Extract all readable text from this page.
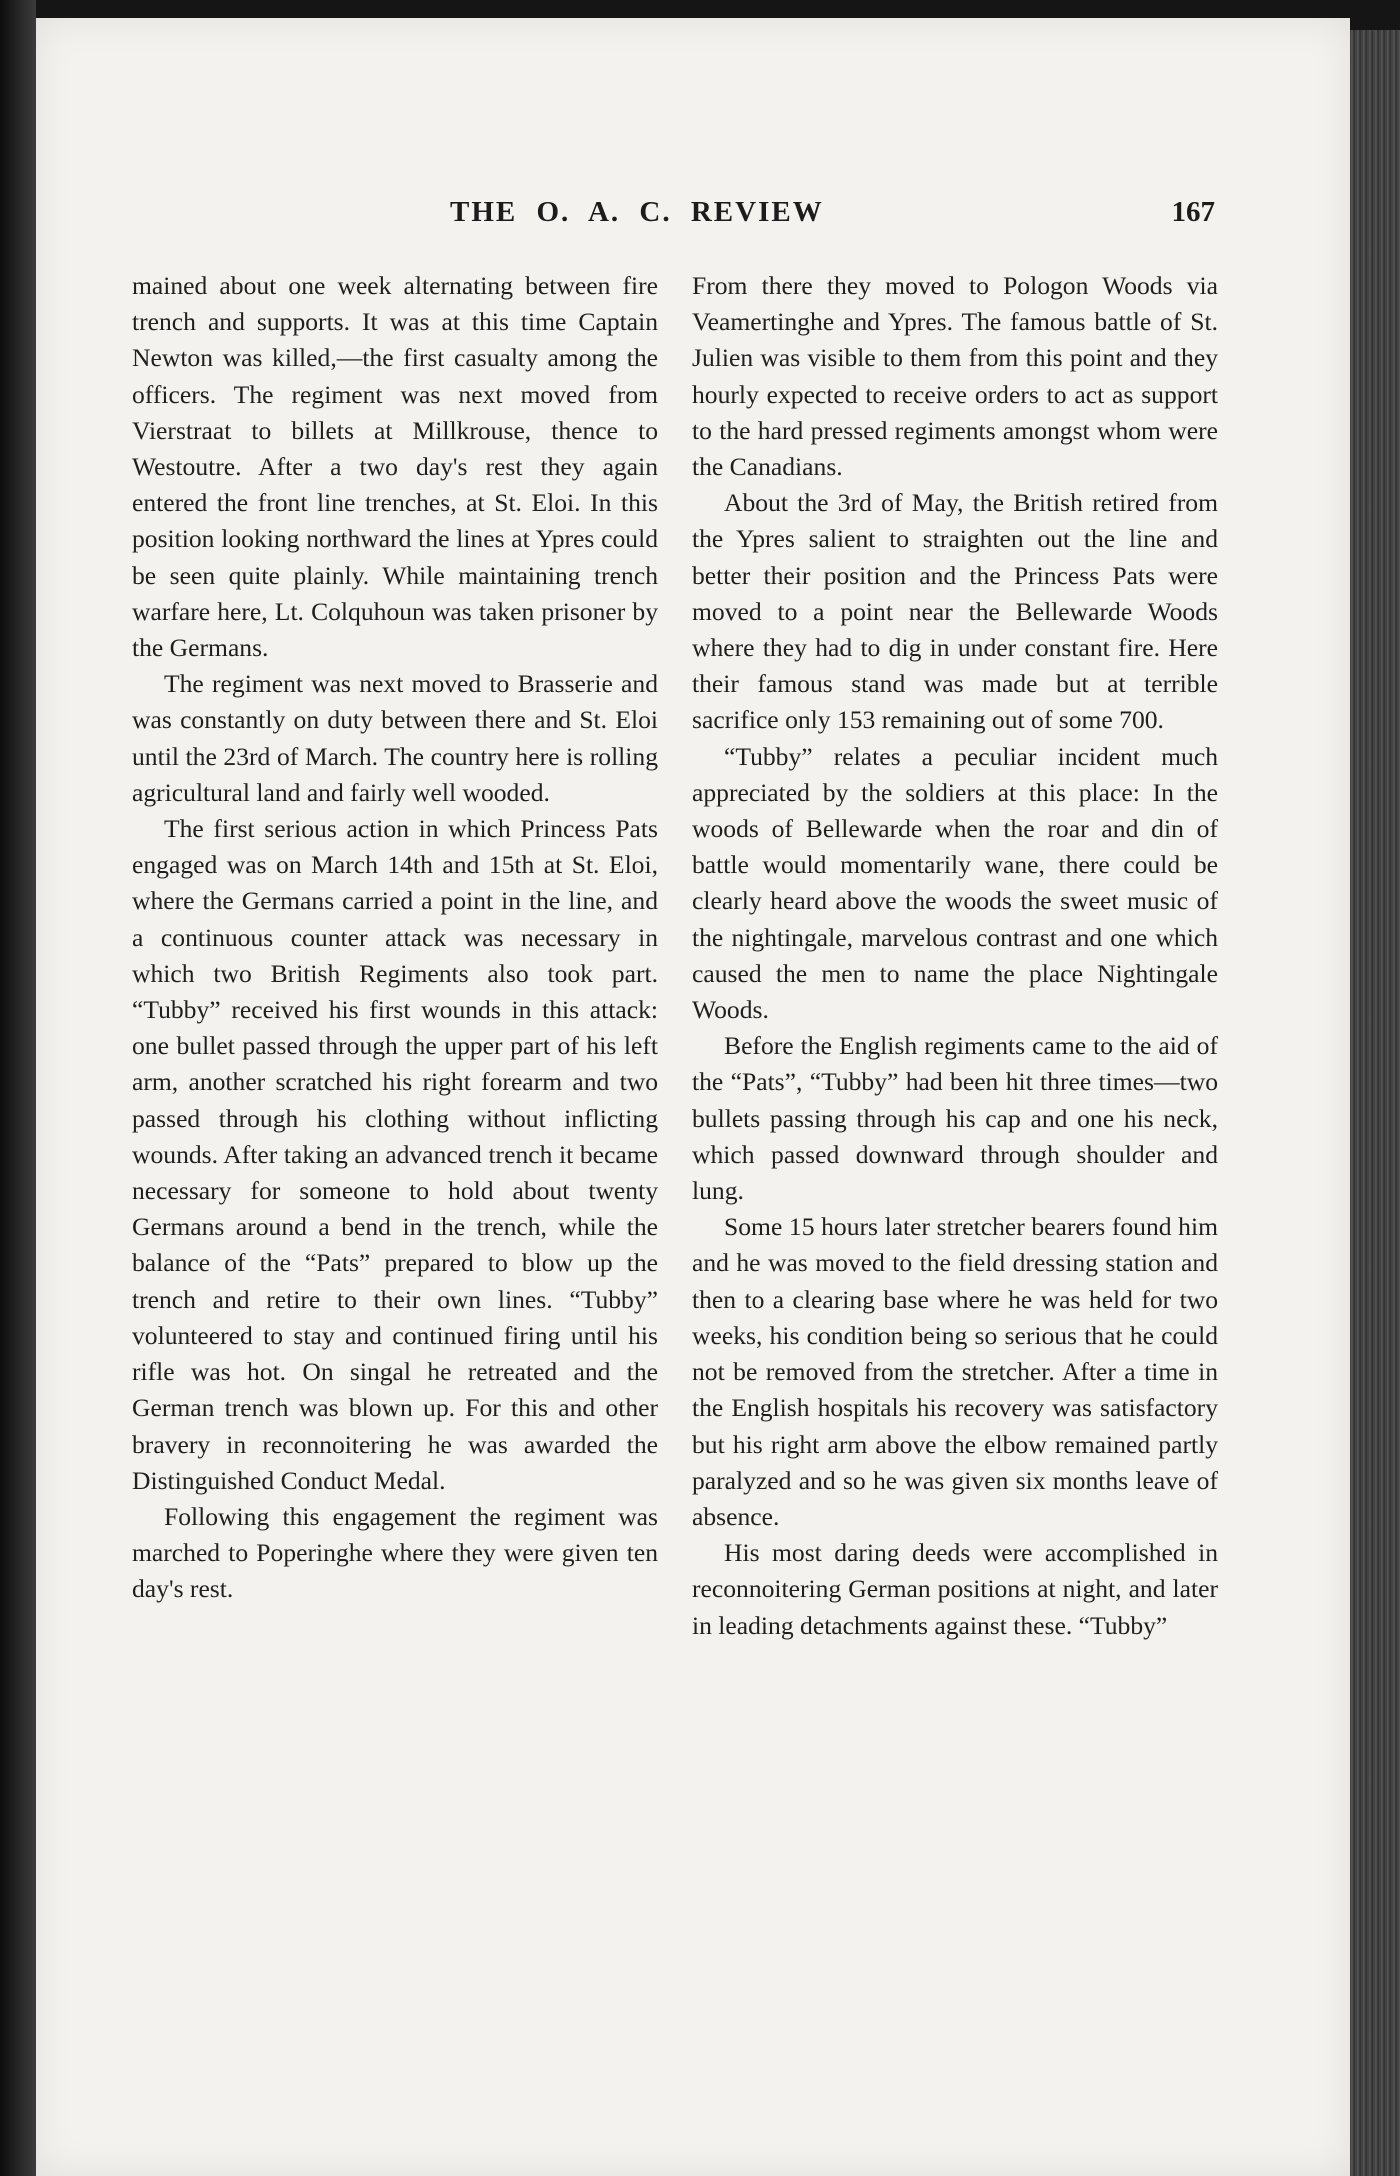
THE O. A. C. REVIEW	167

mained about one week alternating between fire trench and supports. It was at this time Captain Newton was killed,—the first casualty among the officers. The regiment was next moved from Vierstraat to billets at Millkrouse, thence to Westoutre. After a two day's rest they again entered the front line trenches, at St. Eloi. In this position looking northward the lines at Ypres could be seen quite plainly. While maintaining trench warfare here, Lt. Colquhoun was taken prisoner by the Germans.

The regiment was next moved to Brasserie and was constantly on duty between there and St. Eloi until the 23rd of March. The country here is rolling agricultural land and fairly well wooded.

The first serious action in which Princess Pats engaged was on March 14th and 15th at St. Eloi, where the Germans carried a point in the line, and a continuous counter attack was necessary in which two British Regiments also took part. “Tubby” received his first wounds in this attack: one bullet passed through the upper part of his left arm, another scratched his right forearm and two passed through his clothing without inflicting wounds. After taking an advanced trench it became necessary for someone to hold about twenty Germans around a bend in the trench, while the balance of the “Pats” prepared to blow up the trench and retire to their own lines. “Tubby” volunteered to stay and continued firing until his rifle was hot. On singal he retreated and the German trench was blown up. For this and other bravery in reconnoitering he was awarded the Distinguished Conduct Medal.

Following this engagement the regiment was marched to Poperinghe where they were given ten day's rest.

From there they moved to Pologon Woods via Veamertinghe and Ypres. The famous battle of St. Julien was visible to them from this point and they hourly expected to receive orders to act as support to the hard pressed regiments amongst whom were the Canadians.

About the 3rd of May, the British retired from the Ypres salient to straighten out the line and better their position and the Princess Pats were moved to a point near the Bellewarde Woods where they had to dig in under constant fire. Here their famous stand was made but at terrible sacrifice only 153 remaining out of some 700.

“Tubby” relates a peculiar incident much appreciated by the soldiers at this place: In the woods of Bellewarde when the roar and din of battle would momentarily wane, there could be clearly heard above the woods the sweet music of the nightingale, marvelous contrast and one which caused the men to name the place Nightingale Woods.

Before the English regiments came to the aid of the “Pats”, “Tubby” had been hit three times—two bullets passing through his cap and one his neck, which passed downward through shoulder and lung.

Some 15 hours later stretcher bearers found him and he was moved to the field dressing station and then to a clearing base where he was held for two weeks, his condition being so serious that he could not be removed from the stretcher. After a time in the English hospitals his recovery was satisfactory but his right arm above the elbow remained partly paralyzed and so he was given six months leave of absence.

His most daring deeds were accomplished in reconnoitering German positions at night, and later in leading detachments against these. “Tubby”
